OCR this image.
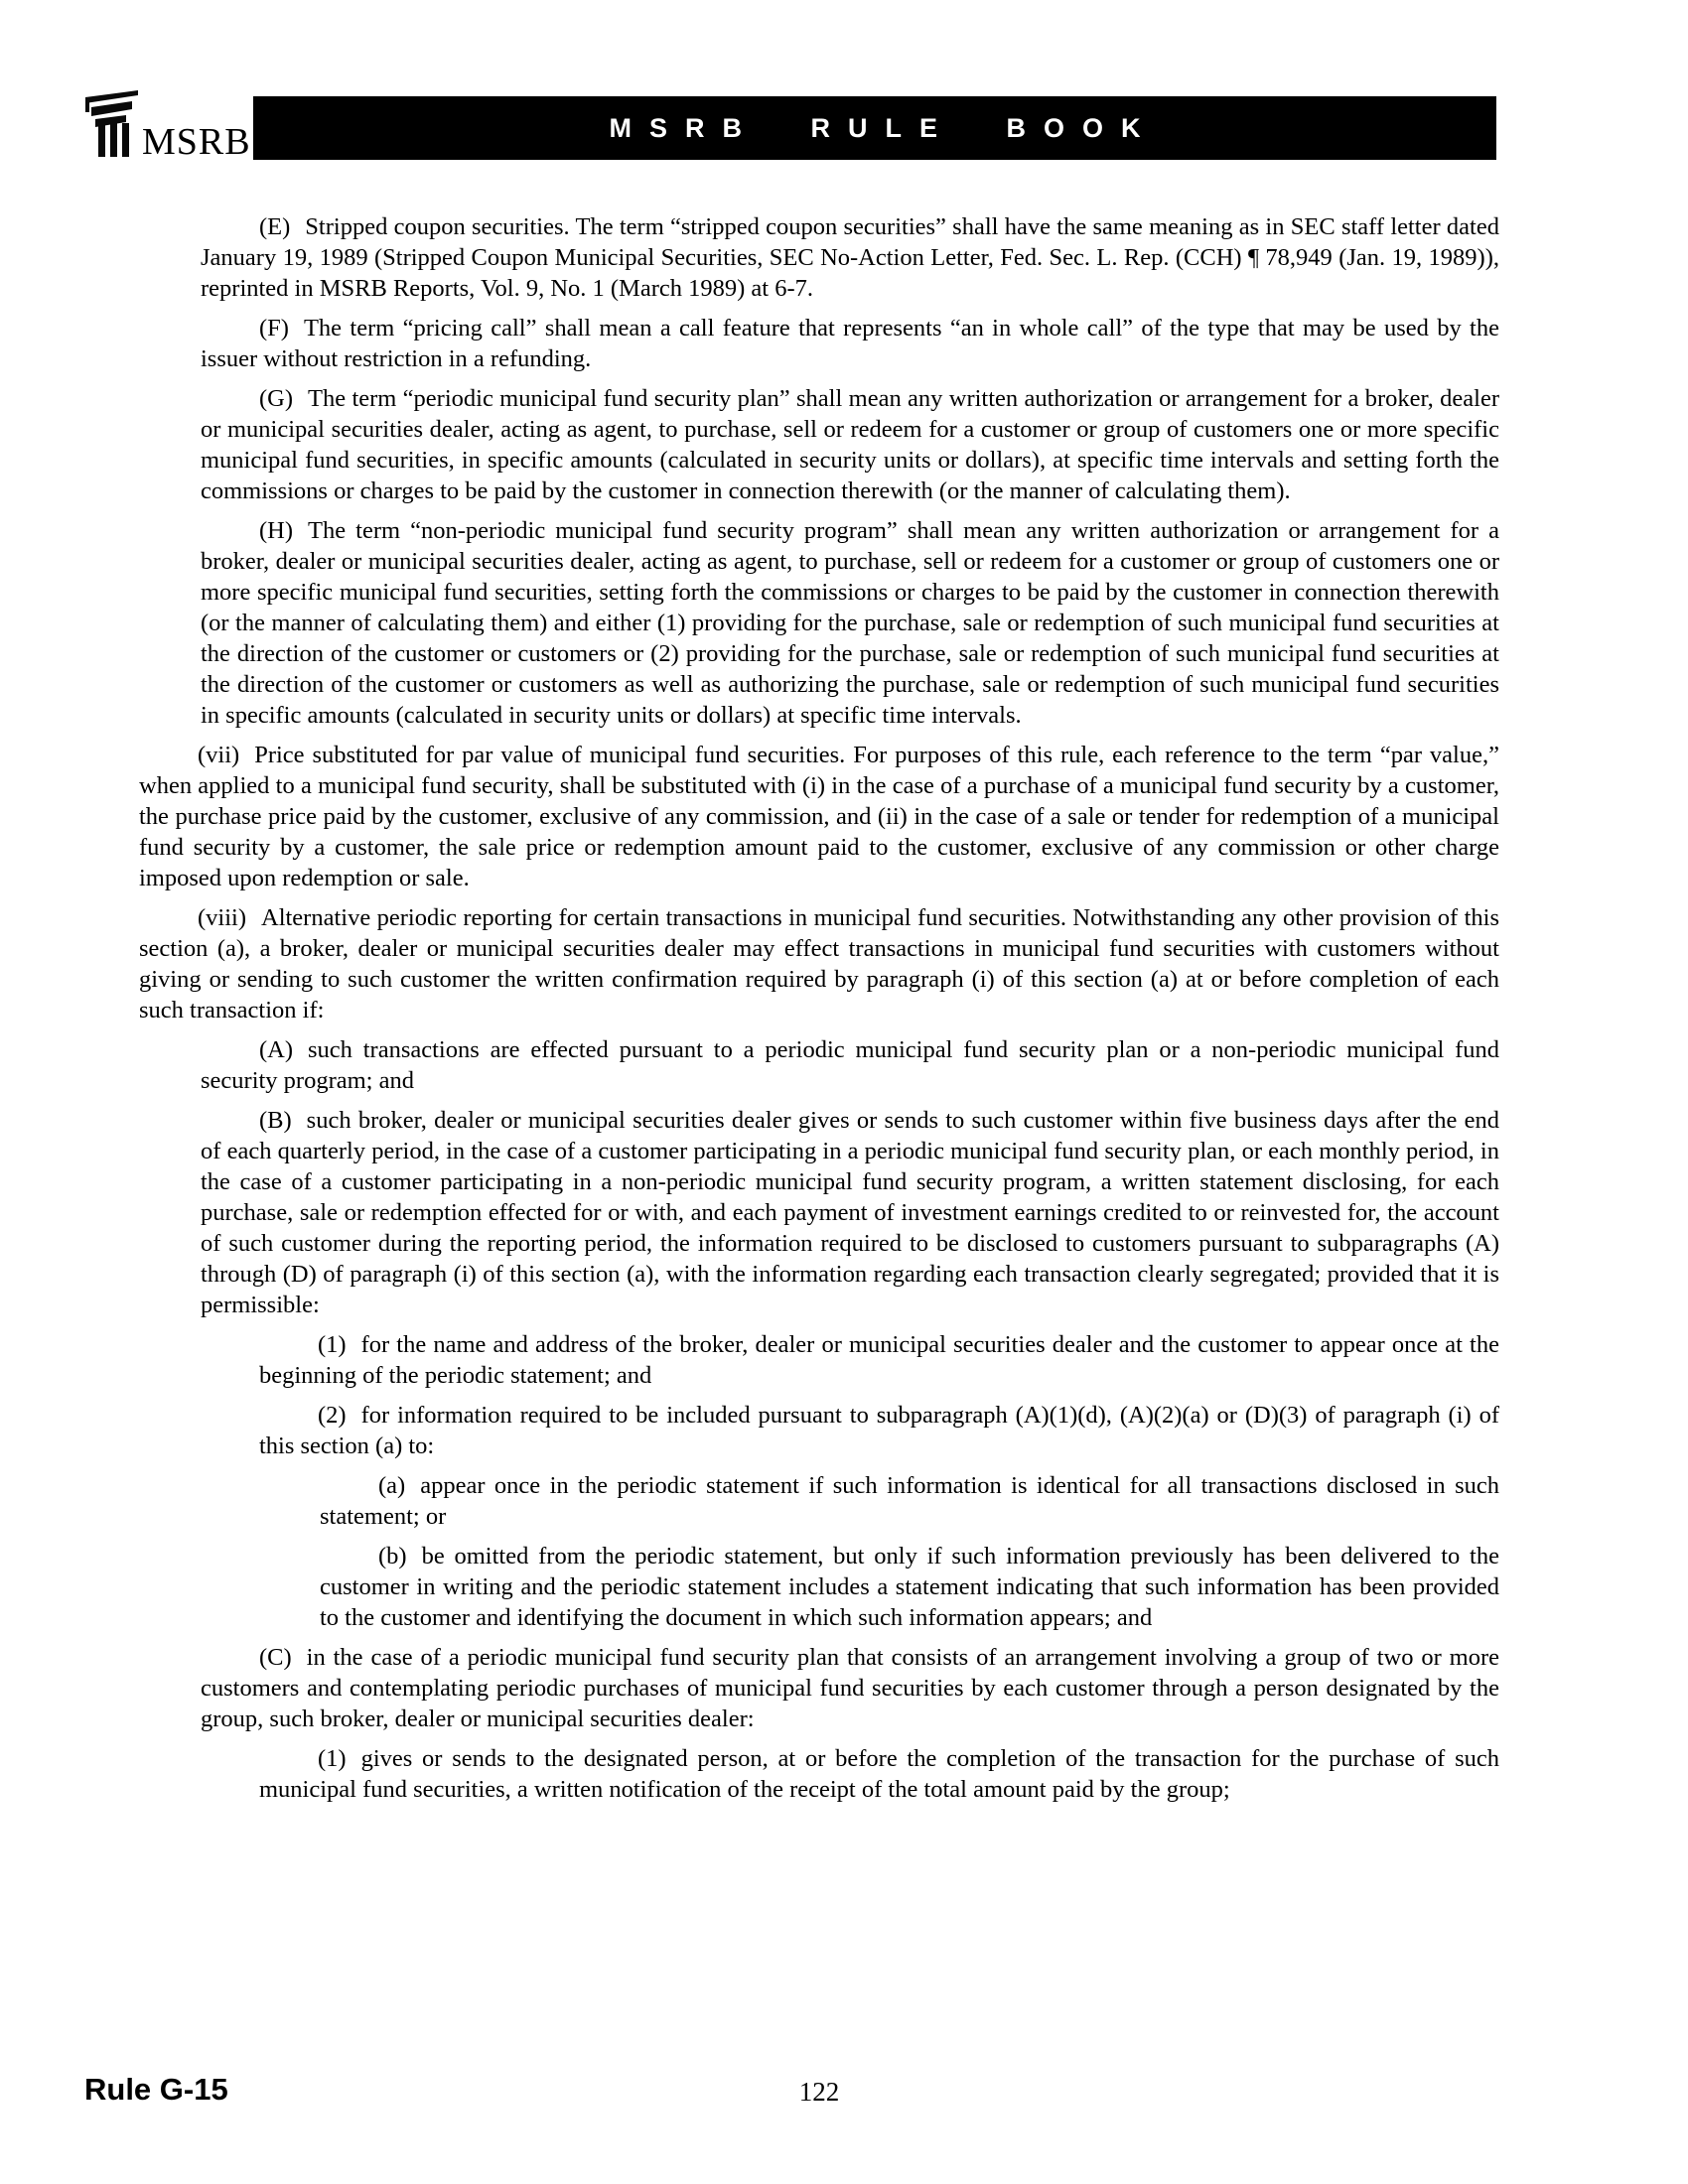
MSRB	MSRB RULE BOOK

(E) Stripped coupon securities. The term “stripped coupon securities” shall have the same meaning as in SEC staff letter dated January 19, 1989 (Stripped Coupon Municipal Securities, SEC No-Action Letter, Fed. Sec. L. Rep. (CCH) ¶ 78,949 (Jan. 19, 1989)), reprinted in MSRB Reports, Vol. 9, No. 1 (March 1989) at 6-7.

(F) The term “pricing call” shall mean a call feature that represents “an in whole call” of the type that may be used by the issuer without restriction in a refunding.

(G) The term “periodic municipal fund security plan” shall mean any written authorization or arrangement for a broker, dealer or municipal securities dealer, acting as agent, to purchase, sell or redeem for a customer or group of customers one or more specific municipal fund securities, in specific amounts (calculated in security units or dollars), at specific time intervals and setting forth the commissions or charges to be paid by the customer in connection therewith (or the manner of calculating them).

(H) The term “non-periodic municipal fund security program” shall mean any written authorization or arrangement for a broker, dealer or municipal securities dealer, acting as agent, to purchase, sell or redeem for a customer or group of customers one or more specific municipal fund securities, setting forth the commissions or charges to be paid by the customer in connection therewith (or the manner of calculating them) and either (1) providing for the purchase, sale or redemption of such municipal fund securities at the direction of the customer or customers or (2) providing for the purchase, sale or redemption of such municipal fund securities at the direction of the customer or customers as well as authorizing the purchase, sale or redemption of such municipal fund securities in specific amounts (calculated in security units or dollars) at specific time intervals.

(vii) Price substituted for par value of municipal fund securities. For purposes of this rule, each reference to the term “par value,” when applied to a municipal fund security, shall be substituted with (i) in the case of a purchase of a municipal fund security by a customer, the purchase price paid by the customer, exclusive of any commission, and (ii) in the case of a sale or tender for redemption of a municipal fund security by a customer, the sale price or redemption amount paid to the customer, exclusive of any commission or other charge imposed upon redemption or sale.

(viii) Alternative periodic reporting for certain transactions in municipal fund securities. Notwithstanding any other provision of this section (a), a broker, dealer or municipal securities dealer may effect transactions in municipal fund securities with customers without giving or sending to such customer the written confirmation required by paragraph (i) of this section (a) at or before completion of each such transaction if:

(A) such transactions are effected pursuant to a periodic municipal fund security plan or a non-periodic municipal fund security program; and

(B) such broker, dealer or municipal securities dealer gives or sends to such customer within five business days after the end of each quarterly period, in the case of a customer participating in a periodic municipal fund security plan, or each monthly period, in the case of a customer participating in a non-periodic municipal fund security program, a written statement disclosing, for each purchase, sale or redemption effected for or with, and each payment of investment earnings credited to or reinvested for, the account of such customer during the reporting period, the information required to be disclosed to customers pursuant to subparagraphs (A) through (D) of paragraph (i) of this section (a), with the information regarding each transaction clearly segregated; provided that it is permissible:

(1) for the name and address of the broker, dealer or municipal securities dealer and the customer to appear once at the beginning of the periodic statement; and

(2) for information required to be included pursuant to subparagraph (A)(1)(d), (A)(2)(a) or (D)(3) of paragraph (i) of this section (a) to:

(a) appear once in the periodic statement if such information is identical for all transactions disclosed in such statement; or

(b) be omitted from the periodic statement, but only if such information previously has been delivered to the customer in writing and the periodic statement includes a statement indicating that such information has been provided to the customer and identifying the document in which such information appears; and

(C) in the case of a periodic municipal fund security plan that consists of an arrangement involving a group of two or more customers and contemplating periodic purchases of municipal fund securities by each customer through a person designated by the group, such broker, dealer or municipal securities dealer:

(1) gives or sends to the designated person, at or before the completion of the transaction for the purchase of such municipal fund securities, a written notification of the receipt of the total amount paid by the group;

Rule G-15	122
